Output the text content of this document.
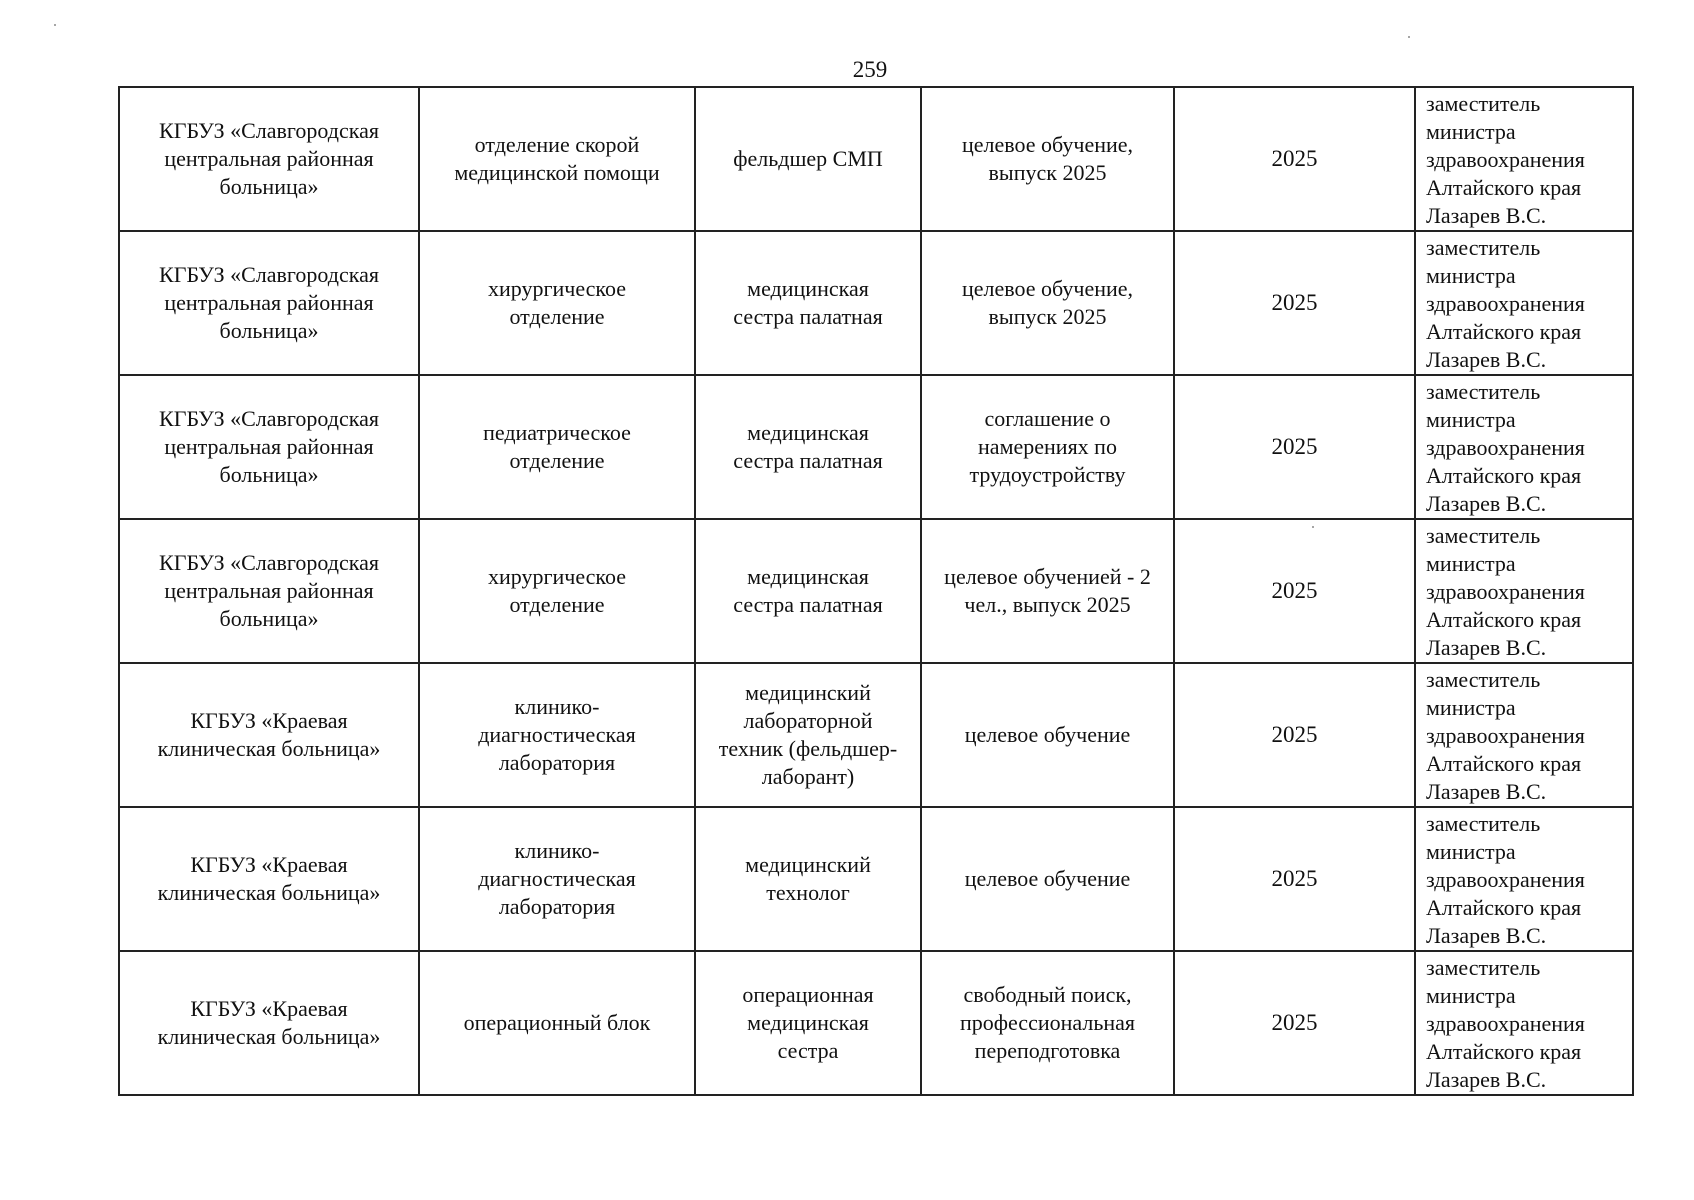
259
КГБУЗ «Славгородская
центральная районная
больница»	отделение скорой
медицинской помощи	фельдшер СМП	целевое обучение,
выпуск 2025	2025	заместитель
министра
здравоохранения
Алтайского края
Лазарев В.С.

КГБУЗ «Славгородская
центральная районная
больница»	хирургическое
отделение	медицинская
сестра палатная	целевое обучение,
выпуск 2025	2025	заместитель
министра
здравоохранения
Алтайского края
Лазарев В.С.

КГБУЗ «Славгородская
центральная районная
больница»	педиатрическое
отделение	медицинская
сестра палатная	соглашение о
намерениях по
трудоустройству	2025	заместитель
министра
здравоохранения
Алтайского края
Лазарев В.С.

КГБУЗ «Славгородская
центральная районная
больница»	хирургическое
отделение	медицинская
сестра палатная	целевое обученией - 2
чел., выпуск 2025	2025	заместитель
министра
здравоохранения
Алтайского края
Лазарев В.С.

КГБУЗ «Краевая
клиническая больница»	клинико-
диагностическая
лаборатория	медицинский
лабораторной
техник (фельдшер-
лаборант)	целевое обучение	2025	заместитель
министра
здравоохранения
Алтайского края
Лазарев В.С.

КГБУЗ «Краевая
клиническая больница»	клинико-
диагностическая
лаборатория	медицинский
технолог	целевое обучение	2025	заместитель
министра
здравоохранения
Алтайского края
Лазарев В.С.

КГБУЗ «Краевая
клиническая больница»	операционный блок	операционная
медицинская
сестра	свободный поиск,
профессиональная
переподготовка	2025	заместитель
министра
здравоохранения
Алтайского края
Лазарев В.С.
